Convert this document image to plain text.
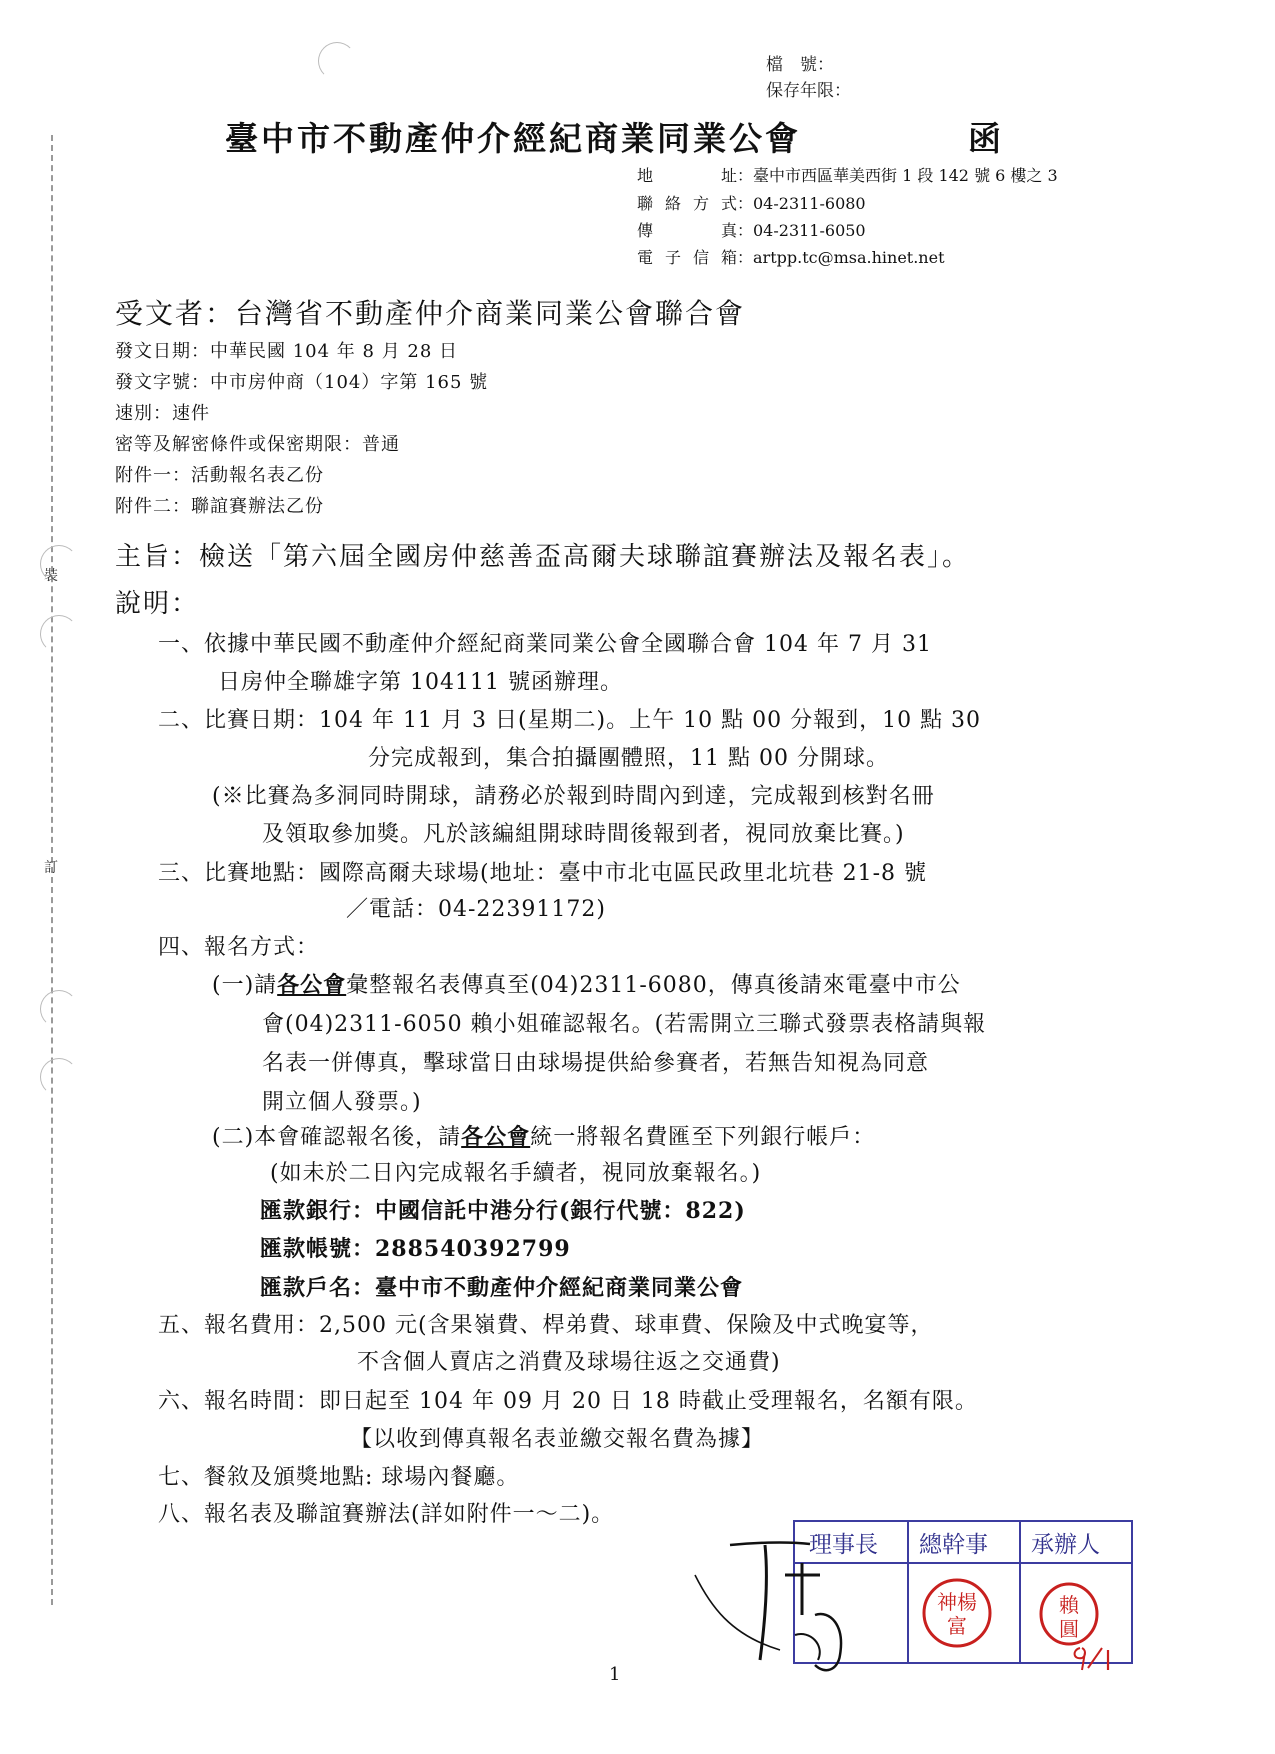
裝
訂
檔　號：
保存年限：
臺中市不動產仲介經紀商業同業公會	函
地　　址：臺中市西區華美西街 1 段 142 號 6 樓之 3
聯絡方式：04-2311-6080
傳　　真：04-2311-6050
電子信箱：artpp.tc@msa.hinet.net
受文者：台灣省不動產仲介商業同業公會聯合會
發文日期：中華民國 104 年 8 月 28 日
發文字號：中市房仲商（104）字第 165 號
速別：速件
密等及解密條件或保密期限：普通
附件一：活動報名表乙份
附件二：聯誼賽辦法乙份
主旨：檢送「第六屆全國房仲慈善盃高爾夫球聯誼賽辦法及報名表」。
說明：
一、依據中華民國不動產仲介經紀商業同業公會全國聯合會 104 年 7 月 31
日房仲全聯雄字第 104111 號函辦理。
二、比賽日期：104 年 11 月 3 日(星期二)。上午 10 點 00 分報到，10 點 30
分完成報到，集合拍攝團體照，11 點 00 分開球。
(※比賽為多洞同時開球，請務必於報到時間內到達，完成報到核對名冊
及領取參加獎。凡於該編組開球時間後報到者，視同放棄比賽。)
三、比賽地點：國際高爾夫球場(地址：臺中市北屯區民政里北坑巷 21-8 號
／電話：04-22391172)
四、報名方式：
(一)請各公會彙整報名表傳真至(04)2311-6080，傳真後請來電臺中市公
會(04)2311-6050 賴小姐確認報名。(若需開立三聯式發票表格請與報
名表一併傳真，擊球當日由球場提供給參賽者，若無告知視為同意
開立個人發票。)
(二)本會確認報名後，請各公會統一將報名費匯至下列銀行帳戶：
(如未於二日內完成報名手續者，視同放棄報名。)
匯款銀行：中國信託中港分行(銀行代號：822)
匯款帳號：288540392799
匯款戶名：臺中市不動產仲介經紀商業同業公會
五、報名費用：2,500 元(含果嶺費、桿弟費、球車費、保險及中式晚宴等，
不含個人賣店之消費及球場往返之交通費)
六、報名時間：即日起至 104 年 09 月 20 日 18 時截止受理報名，名額有限。
【以收到傳真報名表並繳交報名費為據】
七、餐敘及頒獎地點: 球場內餐廳。
八、報名表及聯誼賽辦法(詳如附件一～二)。
理事長 總幹事 承辦人
神楊
富
賴
圓
1
